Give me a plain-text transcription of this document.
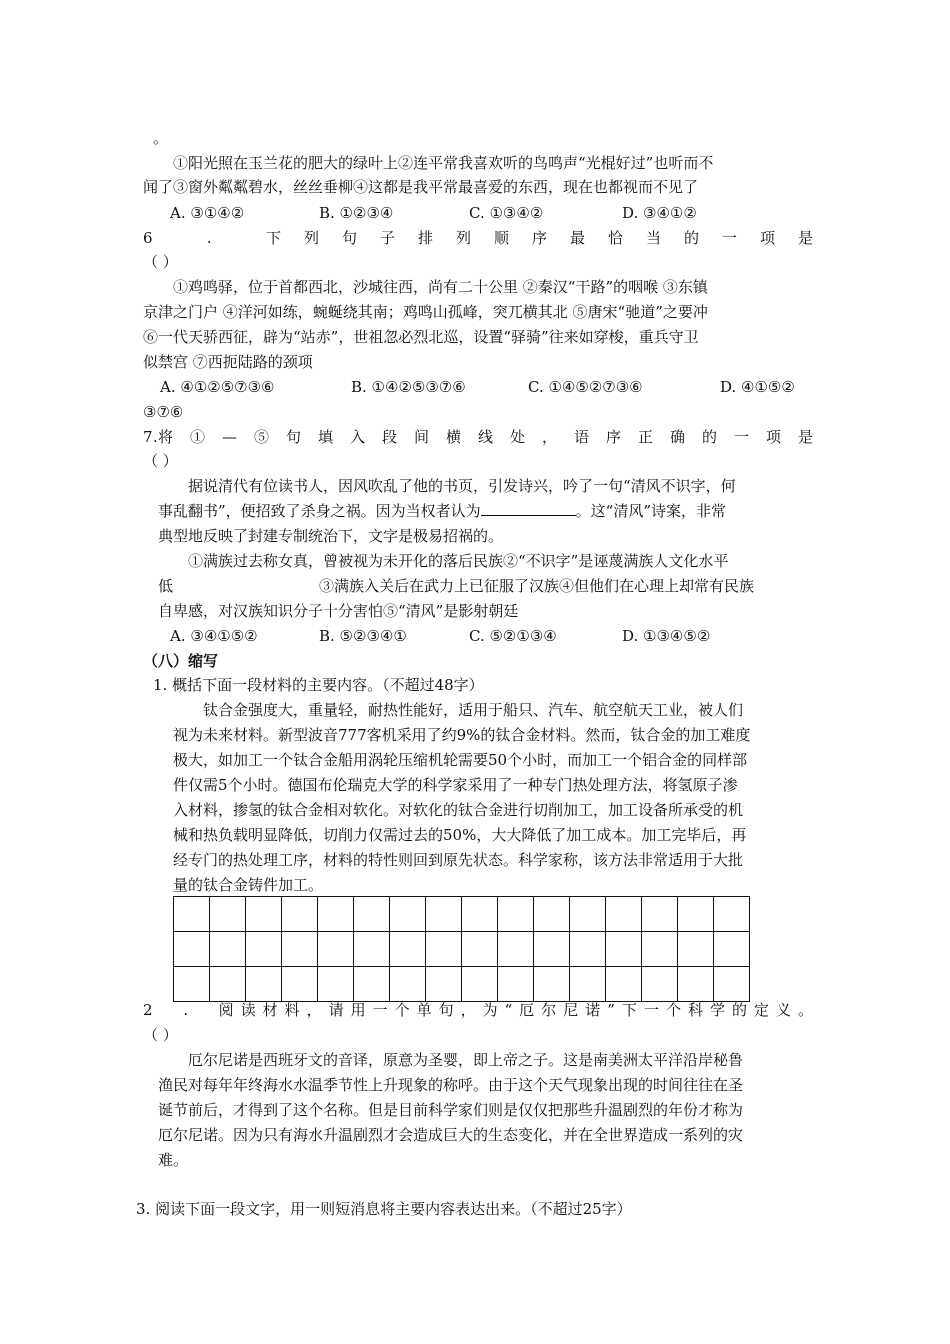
。
①阳光照在玉兰花的肥大的绿叶上②连平常我喜欢听的鸟鸣声“光棍好过”也听而不
闻了③窗外粼粼碧水，丝丝垂柳④这都是我平常最喜爱的东西，现在也都视而不见了
A. ③①④②	B. ①②③④	C. ①③④②	D. ③④①②
6	.	下列句子排列顺序最恰当的一项是
（ ）
①鸡鸣驿，位于首都西北，沙城往西，尚有二十公里 ②秦汉“干路”的咽喉 ③东镇
京津之门户 ④洋河如练，蜿蜒绕其南；鸡鸣山孤峰，突兀横其北 ⑤唐宋“驰道”之要冲
⑥一代天骄西征，辟为“站赤”，世祖忽必烈北巡，设置“驿骑”往来如穿梭，重兵守卫
似禁宫 ⑦西扼陆路的颈项
A. ④①②⑤⑦③⑥	B. ①④②⑤③⑦⑥	C. ①④⑤②⑦③⑥	D. ④①⑤②
③⑦⑥
7 . 将①—⑤句填入段间横线处，语序正确的一项是
（ ）
据说清代有位读书人，因风吹乱了他的书页，引发诗兴，吟了一句“清风不识字，何
事乱翻书”，便招致了杀身之祸。因为当权者认为	。这“清风”诗案，非常
典型地反映了封建专制统治下，文字是极易招祸的。
①满族过去称女真，曾被视为未开化的落后民族②“不识字”是诬蔑满族人文化水平
低	③满族入关后在武力上已征服了汉族④但他们在心理上却常有民族
自卑感，对汉族知识分子十分害怕⑤“清风”是影射朝廷
A. ③④①⑤②	B. ⑤②③④①	C. ⑤②①③④	D. ①③④⑤②
（八）缩写
1. 概括下面一段材料的主要内容。（不超过48字）
钛合金强度大，重量轻，耐热性能好，适用于船只、汽车、航空航天工业，被人们
视为未来材料。新型波音777客机采用了约9%的钛合金材料。然而，钛合金的加工难度
极大，如加工一个钛合金船用涡轮压缩机轮需要50个小时，而加工一个铝合金的同样部
件仅需5个小时。德国布伦瑞克大学的科学家采用了一种专门热处理方法，将氢原子渗
入材料，掺氢的钛合金相对软化。对软化的钛合金进行切削加工，加工设备所承受的机
械和热负载明显降低，切削力仅需过去的50%，大大降低了加工成本。加工完毕后，再
经专门的热处理工序，材料的特性则回到原先状态。科学家称，该方法非常适用于大批
量的钛合金铸件加工。

2 . 阅读材料，请用一个单句，为“厄尔尼诺”下一个科学的定义。
（ ）
厄尔尼诺是西班牙文的音译，原意为圣婴，即上帝之子。这是南美洲太平洋沿岸秘鲁
渔民对每年年终海水水温季节性上升现象的称呼。由于这个天气现象出现的时间往往在圣
诞节前后，才得到了这个名称。但是目前科学家们则是仅仅把那些升温剧烈的年份才称为
厄尔尼诺。因为只有海水升温剧烈才会造成巨大的生态变化，并在全世界造成一系列的灾
难。
3. 阅读下面一段文字，用一则短消息将主要内容表达出来。（不超过25字）
